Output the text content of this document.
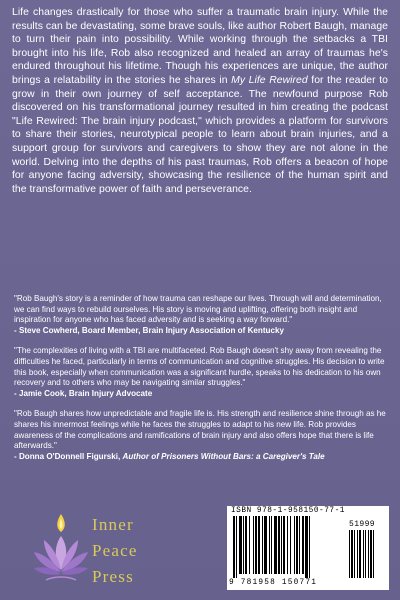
Life changes drastically for those who suffer a traumatic brain injury. While the results can be devastating, some brave souls, like author Robert Baugh, manage to turn their pain into possibility. While working through the setbacks a TBI brought into his life, Rob also recognized and healed an array of traumas he's endured throughout his lifetime. Though his experiences are unique, the author brings a relatability in the stories he shares in My Life Rewired for the reader to grow in their own journey of self acceptance. The newfound purpose Rob discovered on his transformational journey resulted in him creating the podcast "Life Rewired: The brain injury podcast," which provides a platform for survivors to share their stories, neurotypical people to learn about brain injuries, and a support group for survivors and caregivers to show they are not alone in the world. Delving into the depths of his past traumas, Rob offers a beacon of hope for anyone facing adversity, showcasing the resilience of the human spirit and the transformative power of faith and perseverance.

"Rob Baugh's story is a reminder of how trauma can reshape our lives. Through will and determination, we can find ways to rebuild ourselves. His story is moving and uplifting, offering both insight and inspiration for anyone who has faced adversity and is seeking a way forward."

- Steve Cowherd, Board Member, Brain Injury Association of Kentucky

"The complexities of living with a TBI are multifaceted. Rob Baugh doesn't shy away from revealing the difficulties he faced, particularly in terms of communication and cognitive struggles. His decision to write this book, especially when communication was a significant hurdle, speaks to his dedication to his own recovery and to others who may be navigating similar struggles."

- Jamie Cook, Brain Injury Advocate

"Rob Baugh shares how unpredictable and fragile life is. His strength and resilience shine through as he shares his innermost feelings while he faces the struggles to adapt to his new life. Rob provides awareness of the complications and ramifications of brain injury and also offers hope that there is life afterwards."

- Donna O'Donnell Figurski, Author of Prisoners Without Bars: a Caregiver's Tale

Inner
Peace
Press
ISBN 978-1-958150-77-1
51999
9 781958 150771
